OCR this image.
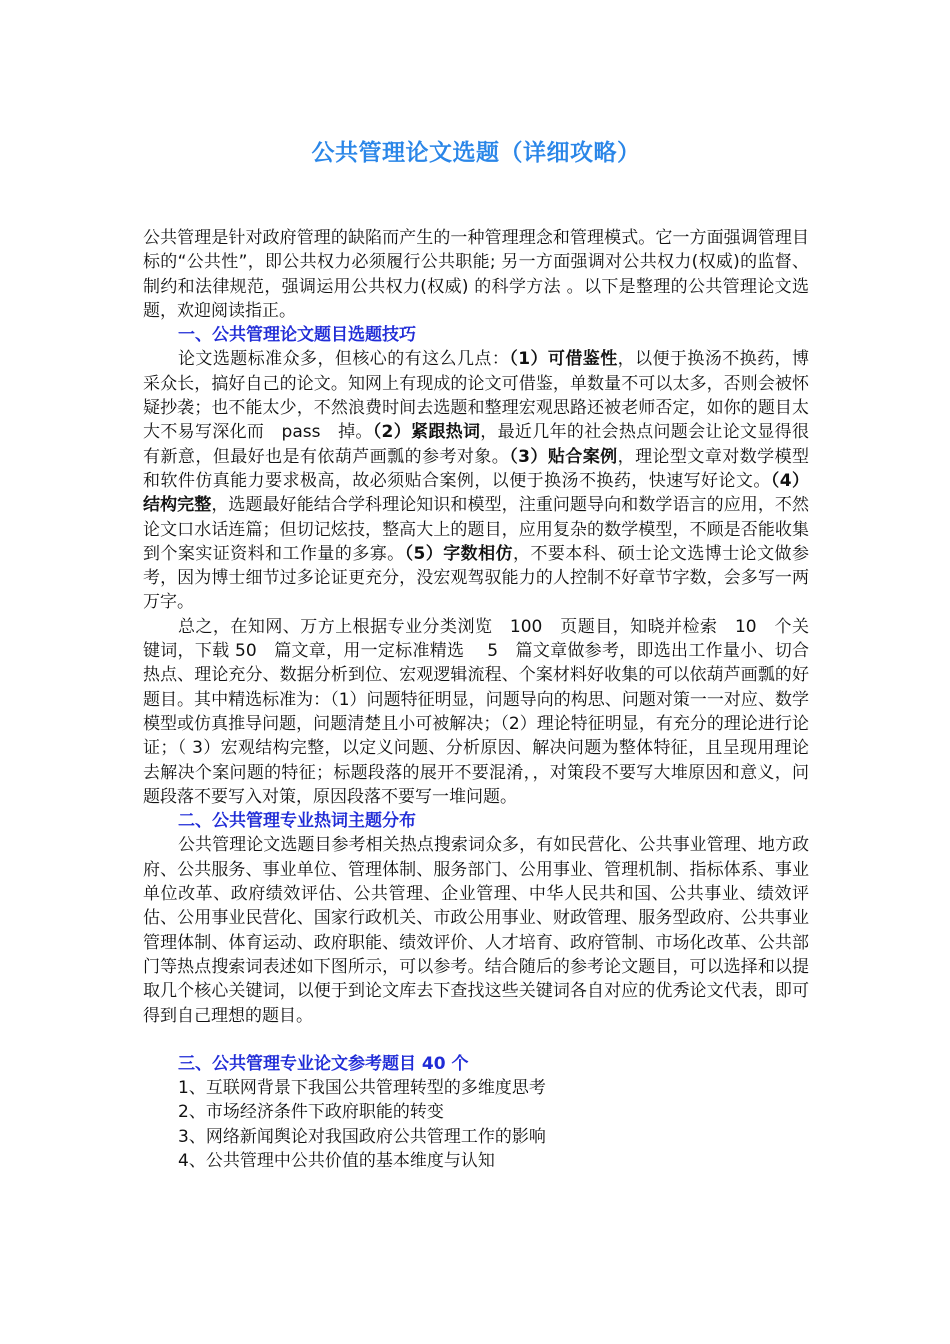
公共管理论文选题（详细攻略）

公共管理是针对政府管理的缺陷而产生的一种管理理念和管理模式。它一方面强调管理目标的“公共性”，即公共权力必须履行公共职能; 另一方面强调对公共权力(权威)的监督、制约和法律规范，强调运用公共权力(权威) 的科学方法 。以下是整理的公共管理论文选题，欢迎阅读指正。

一、公共管理论文题目选题技巧

论文选题标准众多，但核心的有这么几点：（1）可借鉴性，以便于换汤不换药，博采众长，搞好自己的论文。知网上有现成的论文可借鉴，单数量不可以太多，否则会被怀疑抄袭；也不能太少，不然浪费时间去选题和整理宏观思路还被老师否定，如你的题目太大不易写深化而　pass　掉。（2）紧跟热词，最近几年的社会热点问题会让论文显得很有新意，但最好也是有依葫芦画瓢的参考对象。（3）贴合案例，理论型文章对数学模型和软件仿真能力要求极高，故必须贴合案例，以便于换汤不换药，快速写好论文。（4）结构完整，选题最好能结合学科理论知识和模型，注重问题导向和数学语言的应用，不然论文口水话连篇；但切记炫技，整高大上的题目，应用复杂的数学模型，不顾是否能收集到个案实证资料和工作量的多寡。（5）字数相仿，不要本科、硕士论文选博士论文做参考，因为博士细节过多论证更充分，没宏观驾驭能力的人控制不好章节字数，会多写一两万字。

总之，在知网、万方上根据专业分类浏览　100　页题目，知晓并检索　10　个关键词，下载 50　篇文章，用一定标准精选　 5　篇文章做参考，即选出工作量小、切合热点、理论充分、数据分析到位、宏观逻辑流程、个案材料好收集的可以依葫芦画瓢的好题目。其中精选标准为：（1）问题特征明显，问题导向的构思、问题对策一一对应、数学模型或仿真推导问题，问题清楚且小可被解决；（2）理论特征明显，有充分的理论进行论证；（ 3）宏观结构完整，以定义问题、分析原因、解决问题为整体特征，且呈现用理论去解决个案问题的特征；标题段落的展开不要混淆，，对策段不要写大堆原因和意义，问题段落不要写入对策，原因段落不要写一堆问题。

二、公共管理专业热词主题分布

公共管理论文选题目参考相关热点搜索词众多，有如民营化、公共事业管理、地方政府、公共服务、事业单位、管理体制、服务部门、公用事业、管理机制、指标体系、事业单位改革、政府绩效评估、公共管理、企业管理、中华人民共和国、公共事业、绩效评估、公用事业民营化、国家行政机关、市政公用事业、财政管理、服务型政府、公共事业管理体制、体育运动、政府职能、绩效评价、人才培育、政府管制、市场化改革、公共部门等热点搜索词表述如下图所示，可以参考。结合随后的参考论文题目，可以选择和以提取几个核心关键词，以便于到论文库去下查找这些关键词各自对应的优秀论文代表，即可得到自己理想的题目。

三、公共管理专业论文参考题目 40 个

1、互联网背景下我国公共管理转型的多维度思考

2、市场经济条件下政府职能的转变

3、网络新闻舆论对我国政府公共管理工作的影响

4、公共管理中公共价值的基本维度与认知
